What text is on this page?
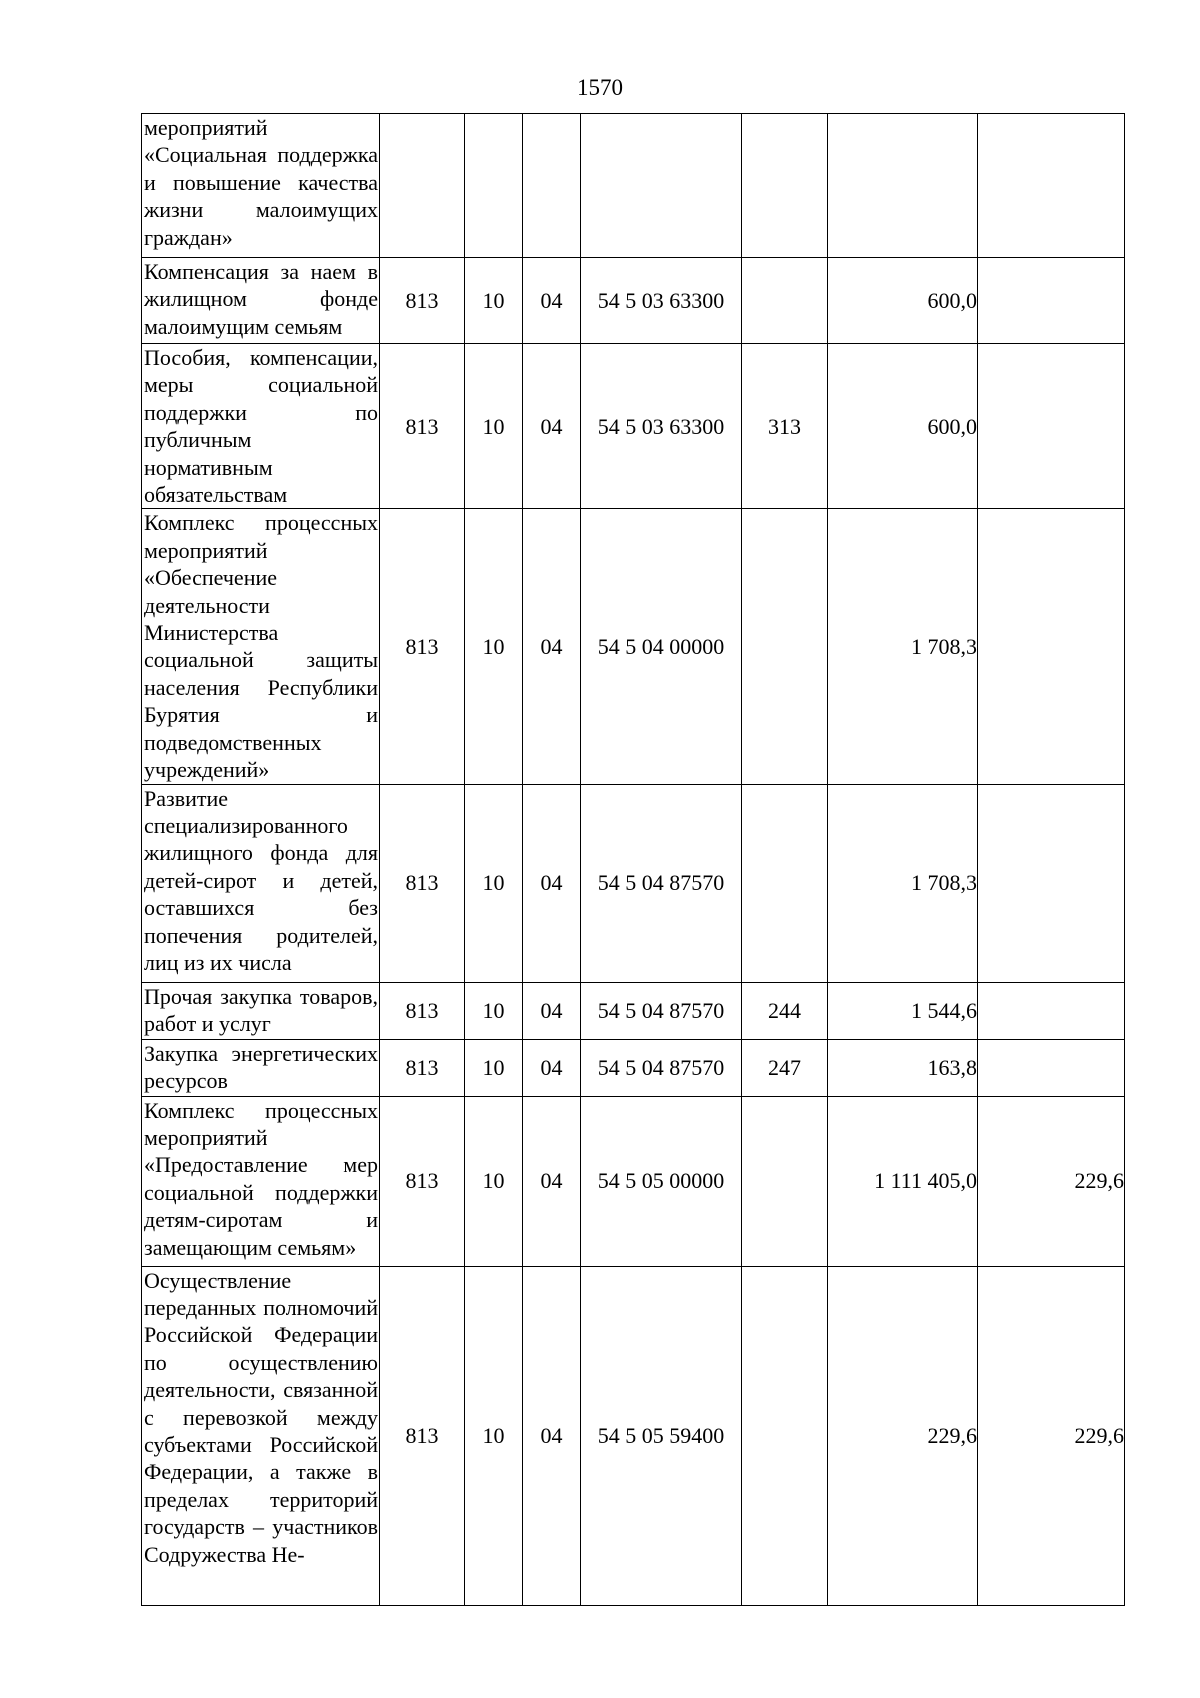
1570
мероприятий «Социальная поддержка и повышение качества жизни малоимущих граждан»							
Компенсация за наем в жилищном фонде малоимущим семьям	813	10	04	54 5 03 63300		600,0	
Пособия, компенсации, меры социальной поддержки по публичным нормативным обязательствам	813	10	04	54 5 03 63300	313	600,0	
Комплекс процессных мероприятий «Обеспечение деятельности Министерства социальной защиты населения Республики Бурятия и подведомственных учреждений»	813	10	04	54 5 04 00000		1 708,3	
Развитие специализированного жилищного фонда для детей-сирот и детей, оставшихся без попечения родителей, лиц из их числа	813	10	04	54 5 04 87570		1 708,3	
Прочая закупка товаров, работ и услуг	813	10	04	54 5 04 87570	244	1 544,6	
Закупка энергетических ресурсов	813	10	04	54 5 04 87570	247	163,8	
Комплекс процессных мероприятий «Предоставление мер социальной поддержки детям-сиротам и замещающим семьям»	813	10	04	54 5 05 00000		1 111 405,0	229,6
Осуществление переданных полномочий Российской Федерации по осуществлению деятельности, связанной с перевозкой между субъектами Российской Федерации, а также в пределах территорий государств – участников Содружества Не-	813	10	04	54 5 05 59400		229,6	229,6
